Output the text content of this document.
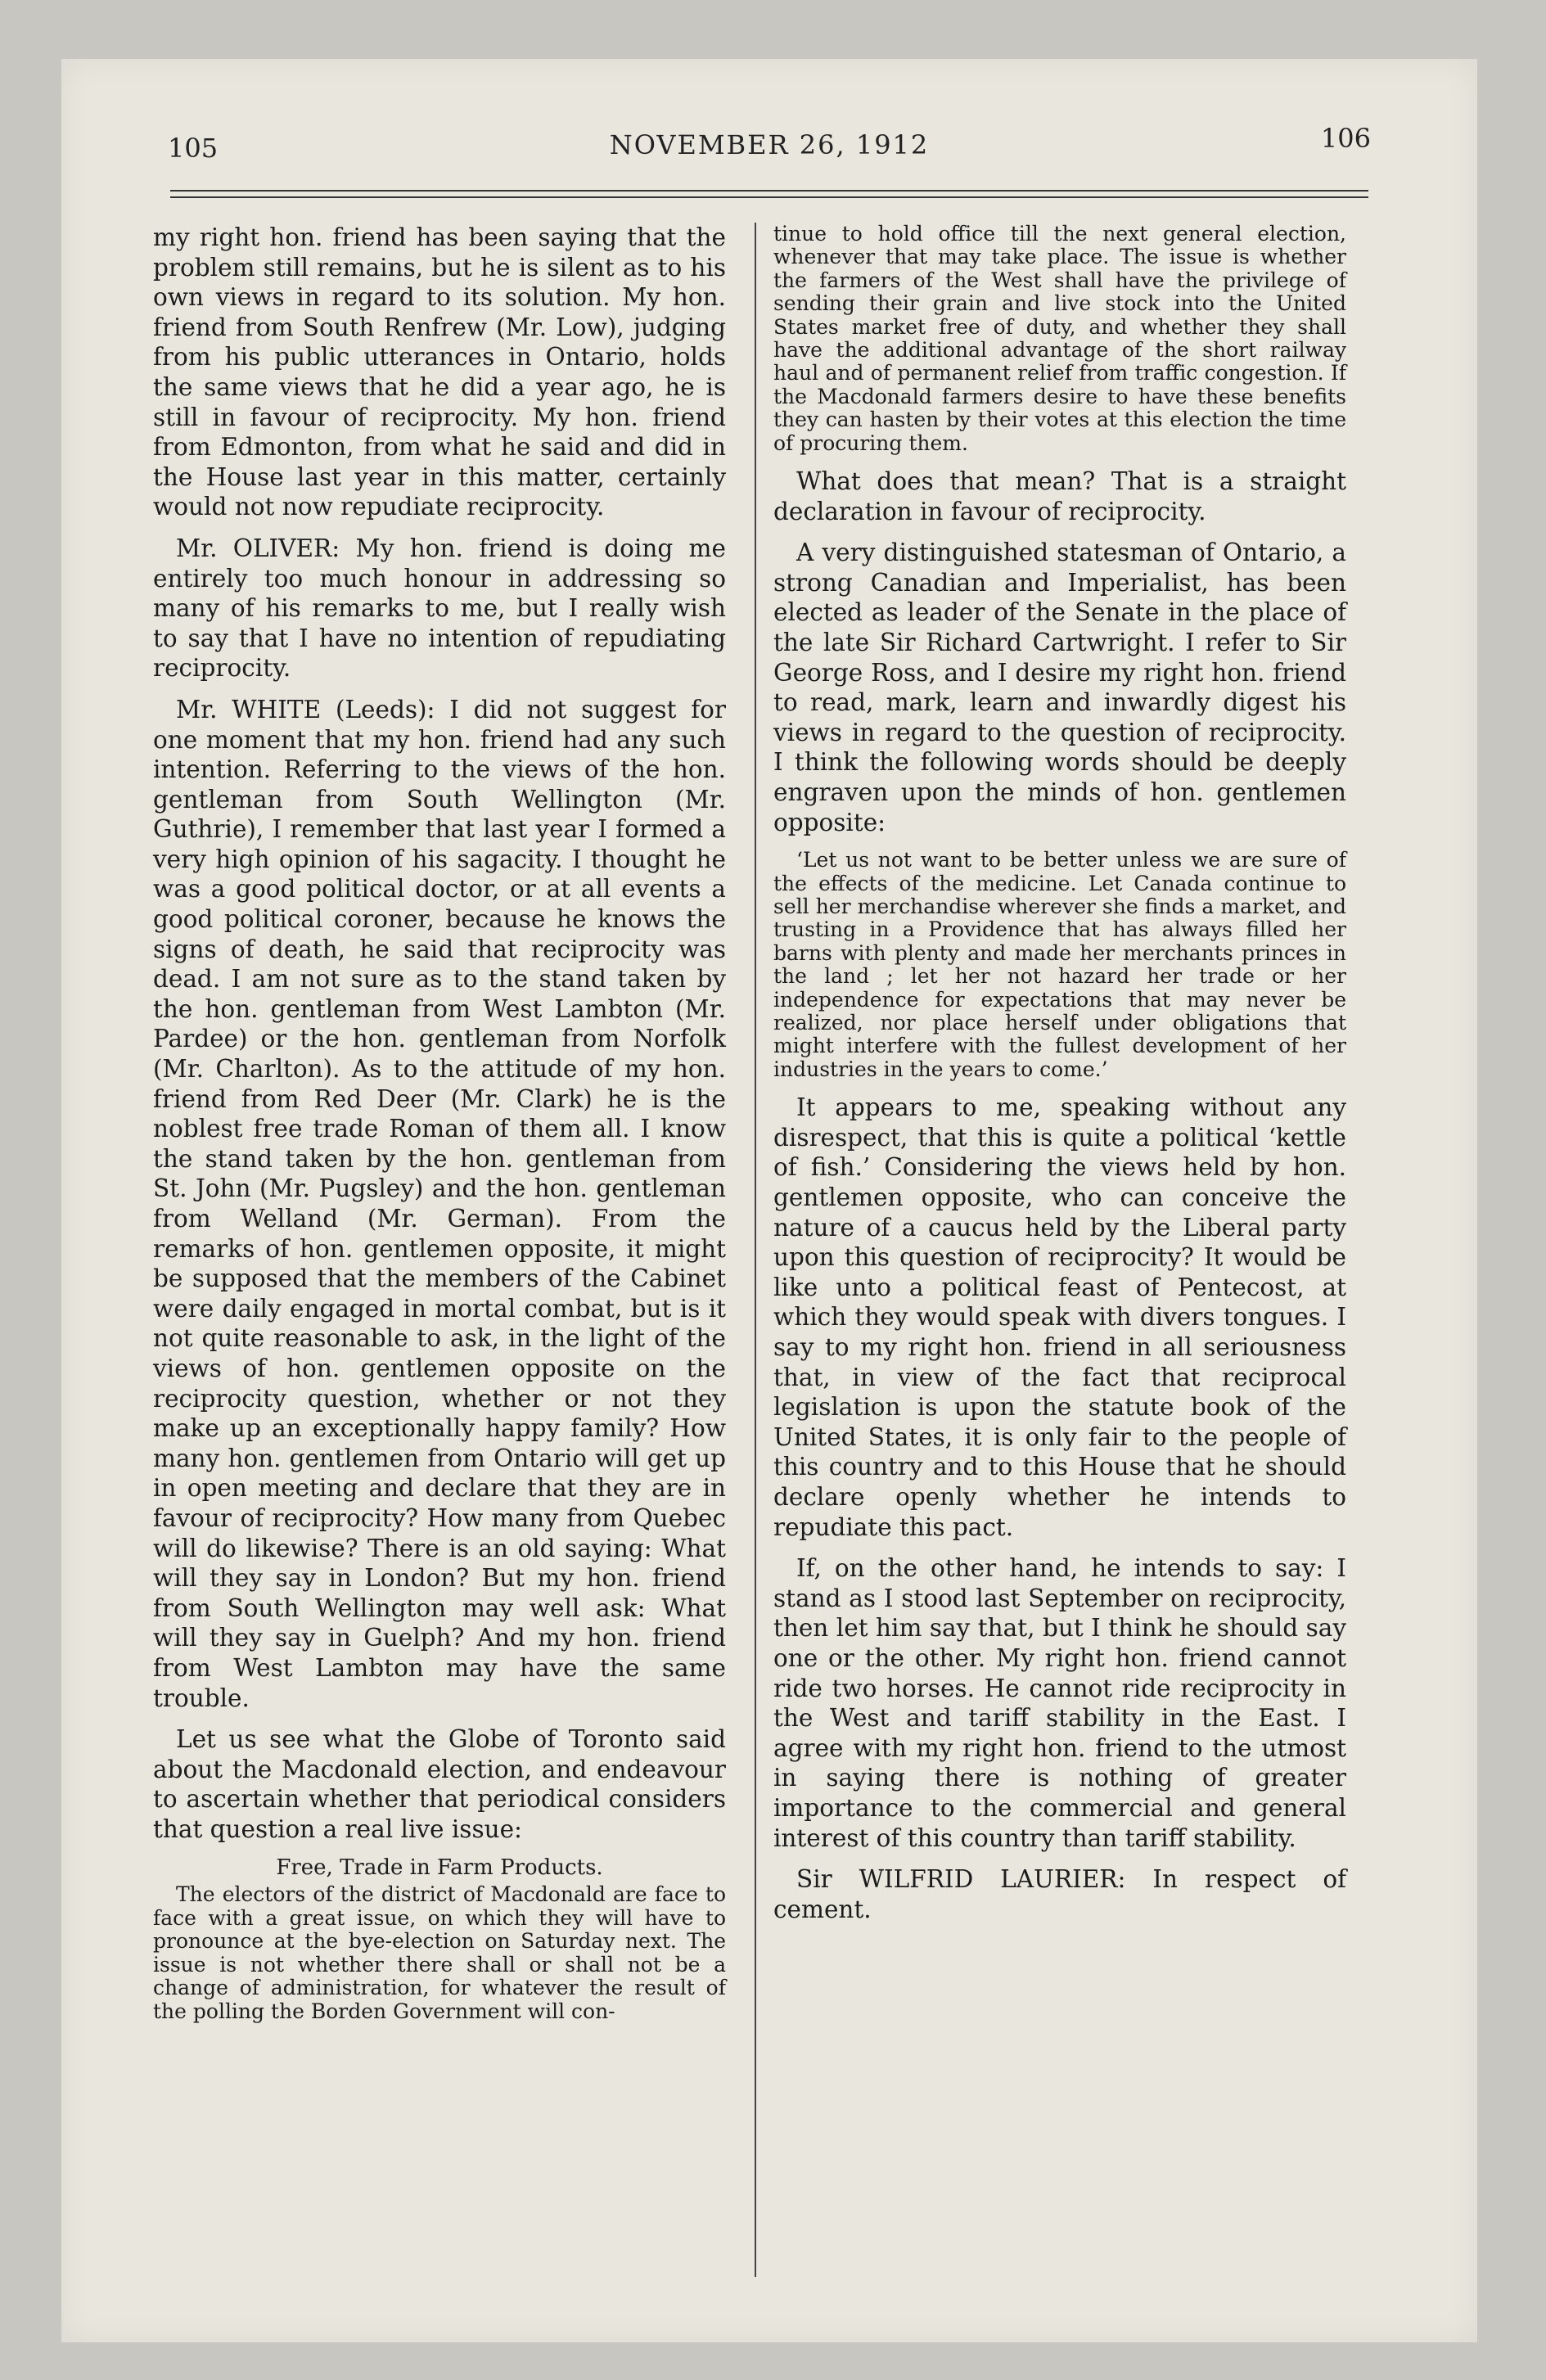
105	NOVEMBER 26, 1912	106

my right hon. friend has been saying that the problem still remains, but he is silent as to his own views in regard to its solution. My hon. friend from South Renfrew (Mr. Low), judging from his public utterances in Ontario, holds the same views that he did a year ago, he is still in favour of reciprocity. My hon. friend from Edmonton, from what he said and did in the House last year in this matter, certainly would not now repudiate reciprocity.

Mr. OLIVER: My hon. friend is doing me entirely too much honour in addressing so many of his remarks to me, but I really wish to say that I have no intention of repudiating reciprocity.

Mr. WHITE (Leeds): I did not suggest for one moment that my hon. friend had any such intention. Referring to the views of the hon. gentleman from South Wellington (Mr. Guthrie), I remember that last year I formed a very high opinion of his sagacity. I thought he was a good political doctor, or at all events a good political coroner, because he knows the signs of death, he said that reciprocity was dead. I am not sure as to the stand taken by the hon. gentleman from West Lambton (Mr. Pardee) or the hon. gentleman from Norfolk (Mr. Charlton). As to the attitude of my hon. friend from Red Deer (Mr. Clark) he is the noblest free trade Roman of them all. I know the stand taken by the hon. gentleman from St. John (Mr. Pugsley) and the hon. gentleman from Welland (Mr. German). From the remarks of hon. gentlemen opposite, it might be supposed that the members of the Cabinet were daily engaged in mortal combat, but is it not quite reasonable to ask, in the light of the views of hon. gentlemen opposite on the reciprocity question, whether or not they make up an exceptionally happy family? How many hon. gentlemen from Ontario will get up in open meeting and declare that they are in favour of reciprocity? How many from Quebec will do likewise? There is an old saying: What will they say in London? But my hon. friend from South Wellington may well ask: What will they say in Guelph? And my hon. friend from West Lambton may have the same trouble.

Let us see what the Globe of Toronto said about the Macdonald election, and endeavour to ascertain whether that periodical considers that question a real live issue:

Free, Trade in Farm Products.
The electors of the district of Macdonald are face to face with a great issue, on which they will have to pronounce at the bye-election on Saturday next. The issue is not whether there shall or shall not be a change of administration, for whatever the result of the polling the Borden Government will con-
tinue to hold office till the next general election, whenever that may take place. The issue is whether the farmers of the West shall have the privilege of sending their grain and live stock into the United States market free of duty, and whether they shall have the additional advantage of the short railway haul and of permanent relief from traffic congestion. If the Macdonald farmers desire to have these benefits they can hasten by their votes at this election the time of procuring them.

What does that mean? That is a straight declaration in favour of reciprocity.

A very distinguished statesman of Ontario, a strong Canadian and Imperialist, has been elected as leader of the Senate in the place of the late Sir Richard Cartwright. I refer to Sir George Ross, and I desire my right hon. friend to read, mark, learn and inwardly digest his views in regard to the question of reciprocity. I think the following words should be deeply engraven upon the minds of hon. gentlemen opposite:

‘Let us not want to be better unless we are sure of the effects of the medicine. Let Canada continue to sell her merchandise wherever she finds a market, and trusting in a Providence that has always filled her barns with plenty and made her merchants princes in the land ; let her not hazard her trade or her independence for expectations that may never be realized, nor place herself under obligations that might interfere with the fullest development of her industries in the years to come.’

It appears to me, speaking without any disrespect, that this is quite a political ‘kettle of fish.’ Considering the views held by hon. gentlemen opposite, who can conceive the nature of a caucus held by the Liberal party upon this question of reciprocity? It would be like unto a political feast of Pentecost, at which they would speak with divers tongues. I say to my right hon. friend in all seriousness that, in view of the fact that reciprocal legislation is upon the statute book of the United States, it is only fair to the people of this country and to this House that he should declare openly whether he intends to repudiate this pact.

If, on the other hand, he intends to say: I stand as I stood last September on reciprocity, then let him say that, but I think he should say one or the other. My right hon. friend cannot ride two horses. He cannot ride reciprocity in the West and tariff stability in the East. I agree with my right hon. friend to the utmost in saying there is nothing of greater importance to the commercial and general interest of this country than tariff stability.

Sir WILFRID LAURIER: In respect of cement.
